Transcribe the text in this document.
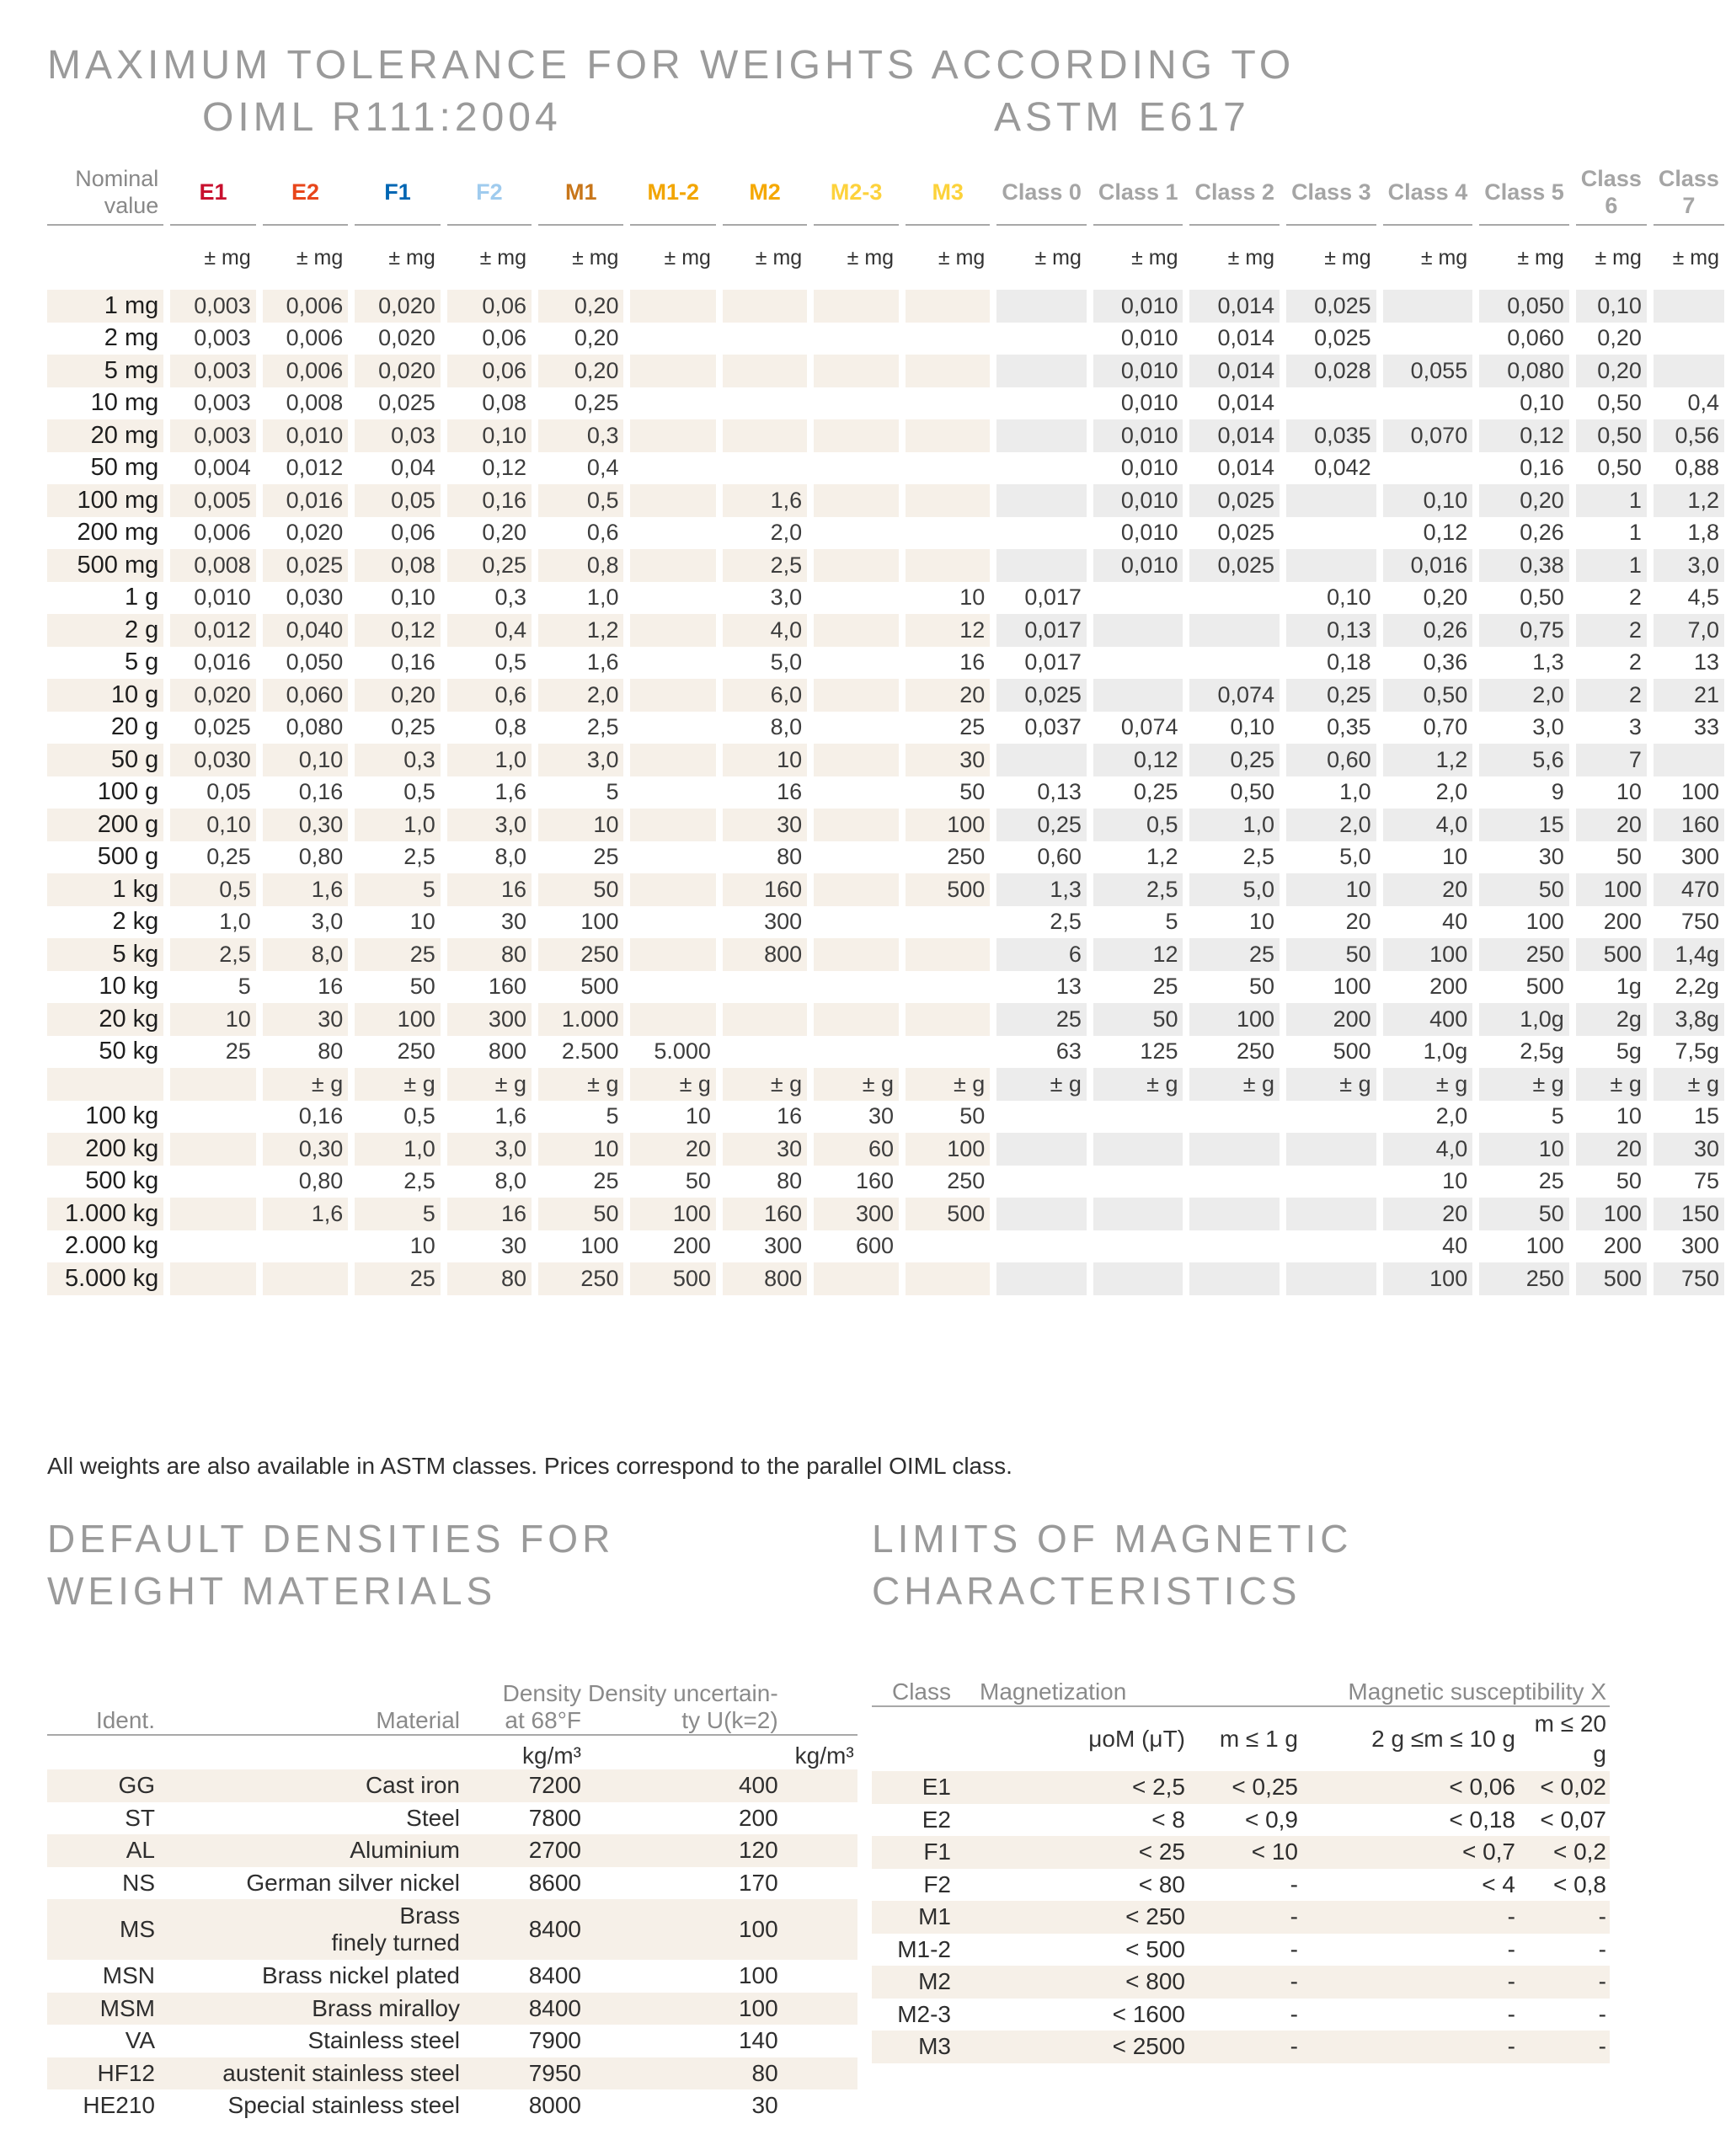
MAXIMUM TOLERANCE FOR WEIGHTS ACCORDING TO
OIML R111:2004	ASTM E617
Nominal
value	E1	E2	F1	F2	M1	M1-2	M2	M2-3	M3	Class 0	Class 1	Class 2	Class 3	Class 4	Class 5	Class 6	Class 7
	± mg	± mg	± mg	± mg	± mg	± mg	± mg	± mg	± mg	± mg	± mg	± mg	± mg	± mg	± mg	± mg	± mg
1 mg	0,003	0,006	0,020	0,06	0,20						0,010	0,014	0,025		0,050	0,10	
2 mg	0,003	0,006	0,020	0,06	0,20						0,010	0,014	0,025		0,060	0,20	
5 mg	0,003	0,006	0,020	0,06	0,20						0,010	0,014	0,028	0,055	0,080	0,20	
10 mg	0,003	0,008	0,025	0,08	0,25						0,010	0,014			0,10	0,50	0,4
20 mg	0,003	0,010	0,03	0,10	0,3						0,010	0,014	0,035	0,070	0,12	0,50	0,56
50 mg	0,004	0,012	0,04	0,12	0,4						0,010	0,014	0,042		0,16	0,50	0,88
100 mg	0,005	0,016	0,05	0,16	0,5		1,6				0,010	0,025		0,10	0,20	1	1,2
200 mg	0,006	0,020	0,06	0,20	0,6		2,0				0,010	0,025		0,12	0,26	1	1,8
500 mg	0,008	0,025	0,08	0,25	0,8		2,5				0,010	0,025		0,016	0,38	1	3,0
1 g	0,010	0,030	0,10	0,3	1,0		3,0		10	0,017			0,10	0,20	0,50	2	4,5
2 g	0,012	0,040	0,12	0,4	1,2		4,0		12	0,017			0,13	0,26	0,75	2	7,0
5 g	0,016	0,050	0,16	0,5	1,6		5,0		16	0,017			0,18	0,36	1,3	2	13
10 g	0,020	0,060	0,20	0,6	2,0		6,0		20	0,025		0,074	0,25	0,50	2,0	2	21
20 g	0,025	0,080	0,25	0,8	2,5		8,0		25	0,037	0,074	0,10	0,35	0,70	3,0	3	33
50 g	0,030	0,10	0,3	1,0	3,0		10		30		0,12	0,25	0,60	1,2	5,6	7	
100 g	0,05	0,16	0,5	1,6	5		16		50	0,13	0,25	0,50	1,0	2,0	9	10	100
200 g	0,10	0,30	1,0	3,0	10		30		100	0,25	0,5	1,0	2,0	4,0	15	20	160
500 g	0,25	0,80	2,5	8,0	25		80		250	0,60	1,2	2,5	5,0	10	30	50	300
1 kg	0,5	1,6	5	16	50		160		500	1,3	2,5	5,0	10	20	50	100	470
2 kg	1,0	3,0	10	30	100		300			2,5	5	10	20	40	100	200	750
5 kg	2,5	8,0	25	80	250		800			6	12	25	50	100	250	500	1,4g
10 kg	5	16	50	160	500					13	25	50	100	200	500	1g	2,2g
20 kg	10	30	100	300	1.000					25	50	100	200	400	1,0g	2g	3,8g
50 kg	25	80	250	800	2.500	5.000				63	125	250	500	1,0g	2,5g	5g	7,5g
		± g	± g	± g	± g	± g	± g	± g	± g	± g	± g	± g	± g	± g	± g	± g	± g
100 kg		0,16	0,5	1,6	5	10	16	30	50					2,0	5	10	15
200 kg		0,30	1,0	3,0	10	20	30	60	100					4,0	10	20	30
500 kg		0,80	2,5	8,0	25	50	80	160	250					10	25	50	75
1.000 kg		1,6	5	16	50	100	160	300	500					20	50	100	150
2.000 kg			10	30	100	200	300	600						40	100	200	300
5.000 kg			25	80	250	500	800							100	250	500	750
All weights are also available in ASTM classes. Prices correspond to the parallel OIML class.
DEFAULT DENSITIES FOR
WEIGHT MATERIALS
Ident.	Material	Density
at 68°F	Density uncertain-
ty U(k=2)
		kg/m³	kg/m³
GG	Cast iron	7200	400
ST	Steel	7800	200
AL	Aluminium	2700	120
NS	German silver nickel	8600	170
MS	Brass
finely turned	8400	100
MSN	Brass nickel plated	8400	100
MSM	Brass miralloy	8400	100
VA	Stainless steel	7900	140
HF12	austenit stainless steel	7950	80
HE210	Special stainless steel	8000	30
LIMITS OF MAGNETIC
CHARACTERISTICS
Class	Magnetization	Magnetic susceptibility X		
	μoM (μT)	m ≤ 1 g	2 g ≤m ≤ 10 g	m ≤ 20 g
E1	< 2,5	< 0,25	< 0,06	< 0,02
E2	< 8	< 0,9	< 0,18	< 0,07
F1	< 25	< 10	< 0,7	< 0,2
F2	< 80	-	< 4	< 0,8
M1	< 250	-	-	-
M1-2	< 500	-	-	-
M2	< 800	-	-	-
M2-3	< 1600	-	-	-
M3	< 2500	-	-	-
